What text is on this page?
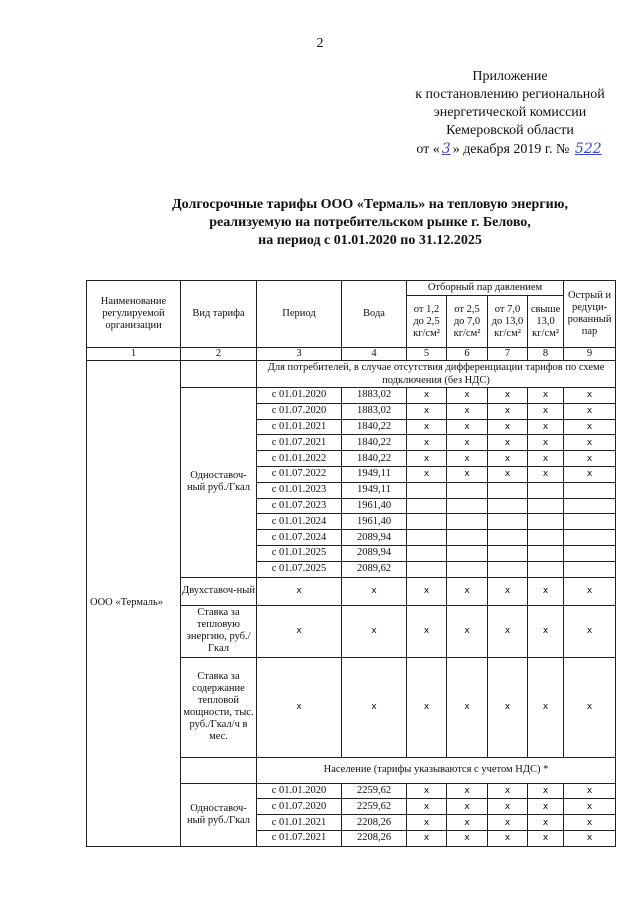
2
Приложение
к постановлению региональной
энергетической комиссии
Кемеровской области
от « 3 » декабря 2019 г. № 522
Долгосрочные тарифы ООО «Термаль» на тепловую энергию,
реализуемую на потребительском рынке г. Белово,
на период с 01.01.2020 по 31.12.2025
Наименование регулируемой организации	Вид тарифа	Период	Вода	Отборный пар давлением				Острый и редуци-рованный пар
				от 1,2 до 2,5 кг/см²	от 2,5 до 7,0 кг/см²	от 7,0 до 13,0 кг/см²	свыше 13,0 кг/см²	
1	2	3	4	5	6	7	8	9
ООО «Термаль»		Для потребителей, в случае отсутствия дифференциации тарифов по схеме подключения (без НДС)						
	Одноставоч-ный руб./Гкал	с 01.01.2020	1883,02	х	х	х	х	х
		с 01.07.2020	1883,02	х	х	х	х	х
		с 01.01.2021	1840,22	х	х	х	х	х
		с 01.07.2021	1840,22	х	х	х	х	х
		с 01.01.2022	1840,22	х	х	х	х	х
		с 01.07.2022	1949,11	х	х	х	х	х
		с 01.01.2023	1949,11					
		с 01.07.2023	1961,40					
		с 01.01.2024	1961,40					
		с 01.07.2024	2089,94					
		с 01.01.2025	2089,94					
		с 01.07.2025	2089,62					
	Двухставоч-ный	х	х	х	х	х	х	х
	Ставка за тепловую энергию, руб./Гкал	х	х	х	х	х	х	х
	Ставка за содержание тепловой мощности, тыс. руб./Гкал/ч в мес.	х	х	х	х	х	х	х
		Население (тарифы указываются с учетом НДС) *						
	Одноставоч-ный руб./Гкал	с 01.01.2020	2259,62	х	х	х	х	х
		с 01.07.2020	2259,62	х	х	х	х	х
		с 01.01.2021	2208,26	х	х	х	х	х
		с 01.07.2021	2208,26	х	х	х	х	х
